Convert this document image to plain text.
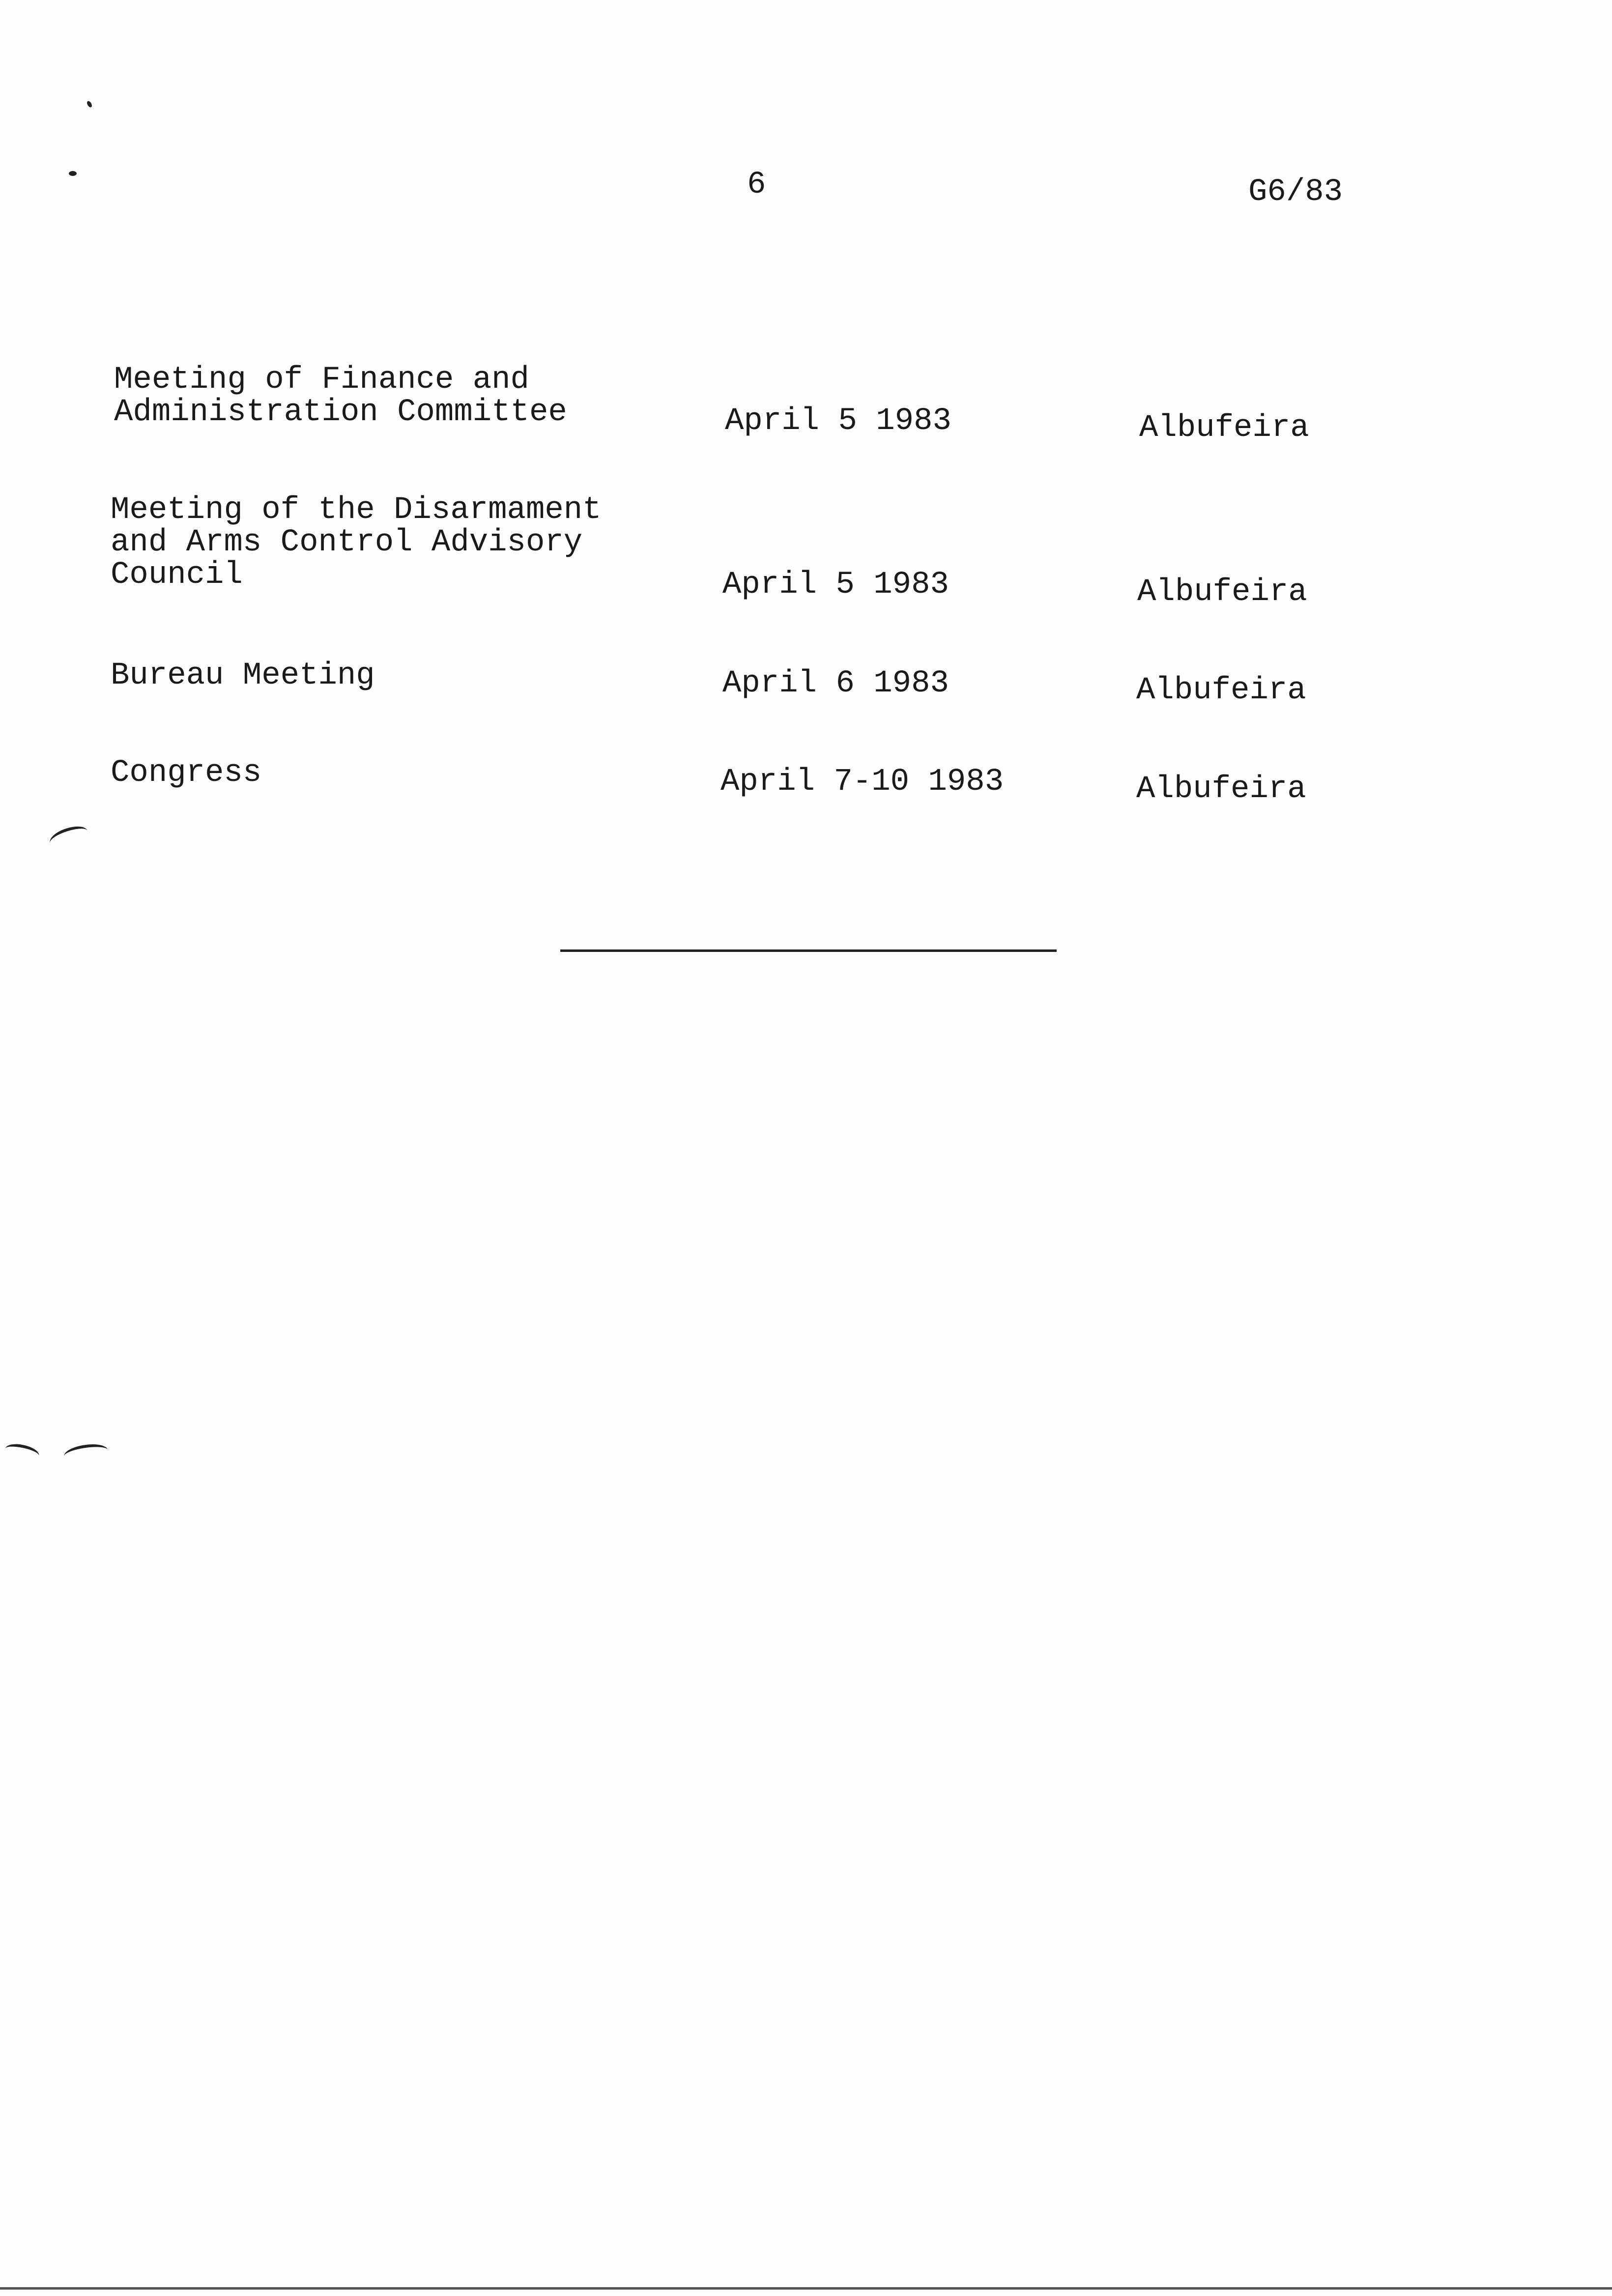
6	G6/83
Meeting of Finance and
Administration Committee	April 5 1983	Albufeira
Meeting of the Disarmament
and Arms Control Advisory
Council	April 5 1983	Albufeira
Bureau Meeting	April 6 1983	Albufeira
Congress	April 7-10 1983	Albufeira
